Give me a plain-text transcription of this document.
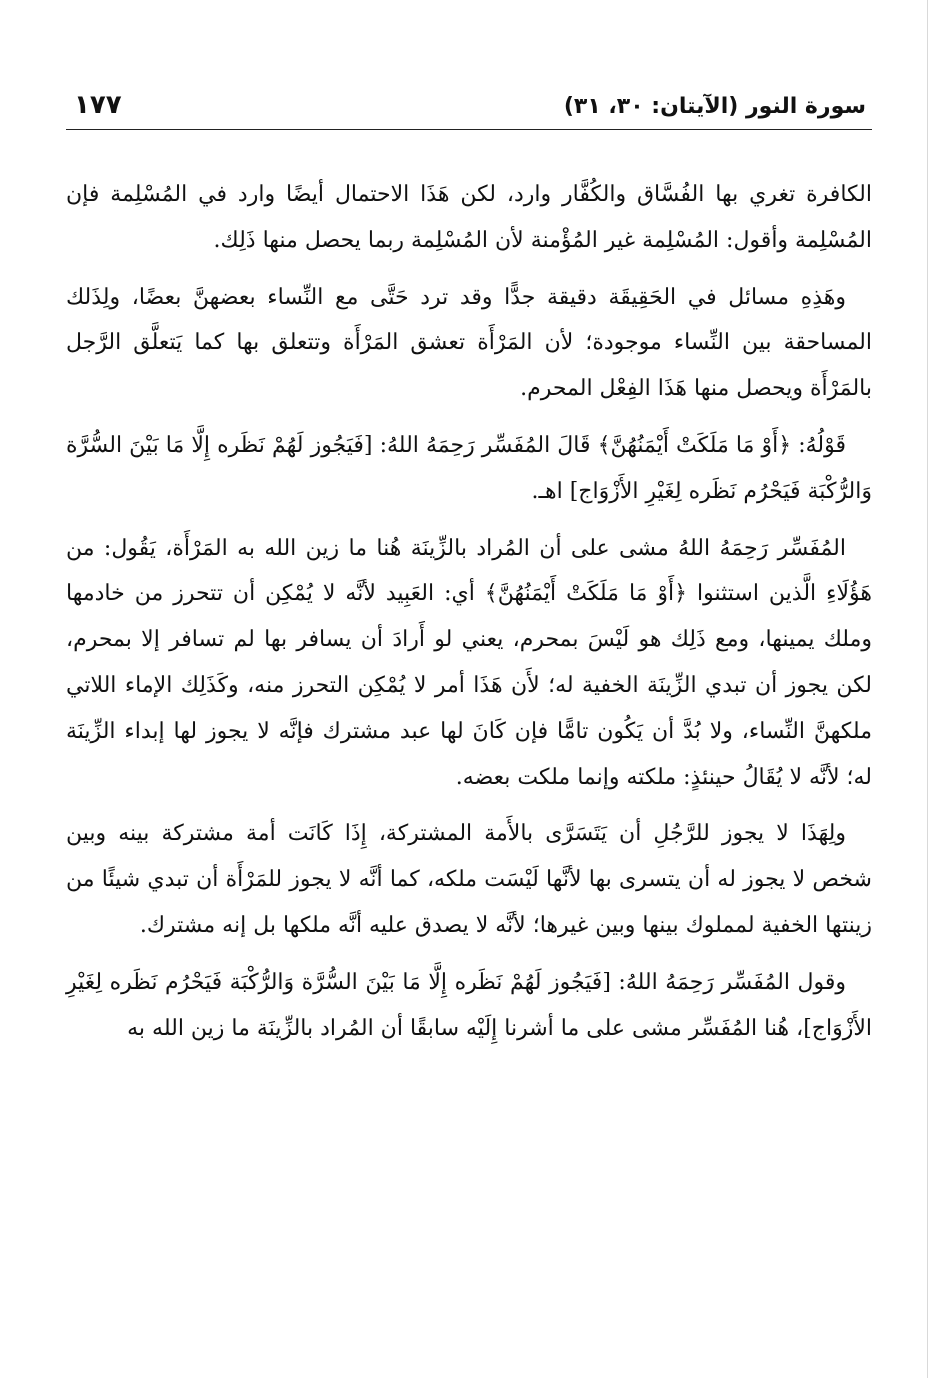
سورة النور (الآيتان: ٣٠، ٣١)
١٧٧

الكافرة تغري بها الفُسَّاق والكُفَّار وارد، لكن هَذَا الاحتمال أيضًا وارد في المُسْلِمة فإن المُسْلِمة وأقول: المُسْلِمة غير المُؤْمنة لأن المُسْلِمة ربما يحصل منها ذَلِك.

وهَذِهِ مسائل في الحَقِيقَة دقيقة جدًّا وقد ترد حَتَّى مع النِّساء بعضهنَّ بعضًا، ولِذَلك المساحقة بين النِّساء موجودة؛ لأن المَرْأَة تعشق المَرْأَة وتتعلق بها كما يَتعلَّق الرَّجل بالمَرْأَة ويحصل منها هَذَا الفِعْل المحرم.

قَوْلُهُ: ﴿أَوْ مَا مَلَكَتْ أَيْمَنُهُنَّ﴾ قَالَ المُفَسِّر رَحِمَهُ اللهُ: [فَيَجُوز لَهُمْ نَظَره إِلَّا مَا بَيْنَ السُّرَّة وَالرُّكْبَة فَيَحْرُم نَظَره لِغَيْرِ الأَزْوَاج] اهـ.

المُفَسِّر رَحِمَهُ اللهُ مشى على أن المُراد بالزِّينَة هُنا ما زين الله به المَرْأَة، يَقُول: من هَؤُلَاءِ الَّذين استثنوا ﴿أَوْ مَا مَلَكَتْ أَيْمَنُهُنَّ﴾ أي: العَبِيد لأنَّه لا يُمْكِن أن تتحرز من خادمها وملك يمينها، ومع ذَلِك هو لَيْسَ بمحرم، يعني لو أَرادَ أن يسافر بها لم تسافر إلا بمحرم، لكن يجوز أن تبدي الزِّينَة الخفية له؛ لأَن هَذَا أمر لا يُمْكِن التحرز منه، وكَذَلِك الإماء اللاتي ملكهنَّ النِّساء، ولا بُدَّ أن يَكُون تامًّا فإن كَانَ لها عبد مشترك فإنَّه لا يجوز لها إبداء الزِّينَة له؛ لأنَّه لا يُقَالُ حينئذٍ: ملكته وإنما ملكت بعضه.

ولِهَذَا لا يجوز للرَّجُلِ أن يَتَسَرَّى بالأَمة المشتركة، إِذَا كَانَت أمة مشتركة بينه وبين شخص لا يجوز له أن يتسرى بها لأنَّها لَيْسَت ملكه، كما أنَّه لا يجوز للمَرْأَة أن تبدي شيئًا من زينتها الخفية لمملوك بينها وبين غيرها؛ لأنَّه لا يصدق عليه أنَّه ملكها بل إنه مشترك.

وقول المُفَسِّر رَحِمَهُ اللهُ: [فَيَجُوز لَهُمْ نَظَره إِلَّا مَا بَيْنَ السُّرَّة وَالرُّكْبَة فَيَحْرُم نَظَره لِغَيْرِ الأَزْوَاج]، هُنا المُفَسِّر مشى على ما أشرنا إِلَيْه سابقًا أن المُراد بالزِّينَة ما زين الله به
